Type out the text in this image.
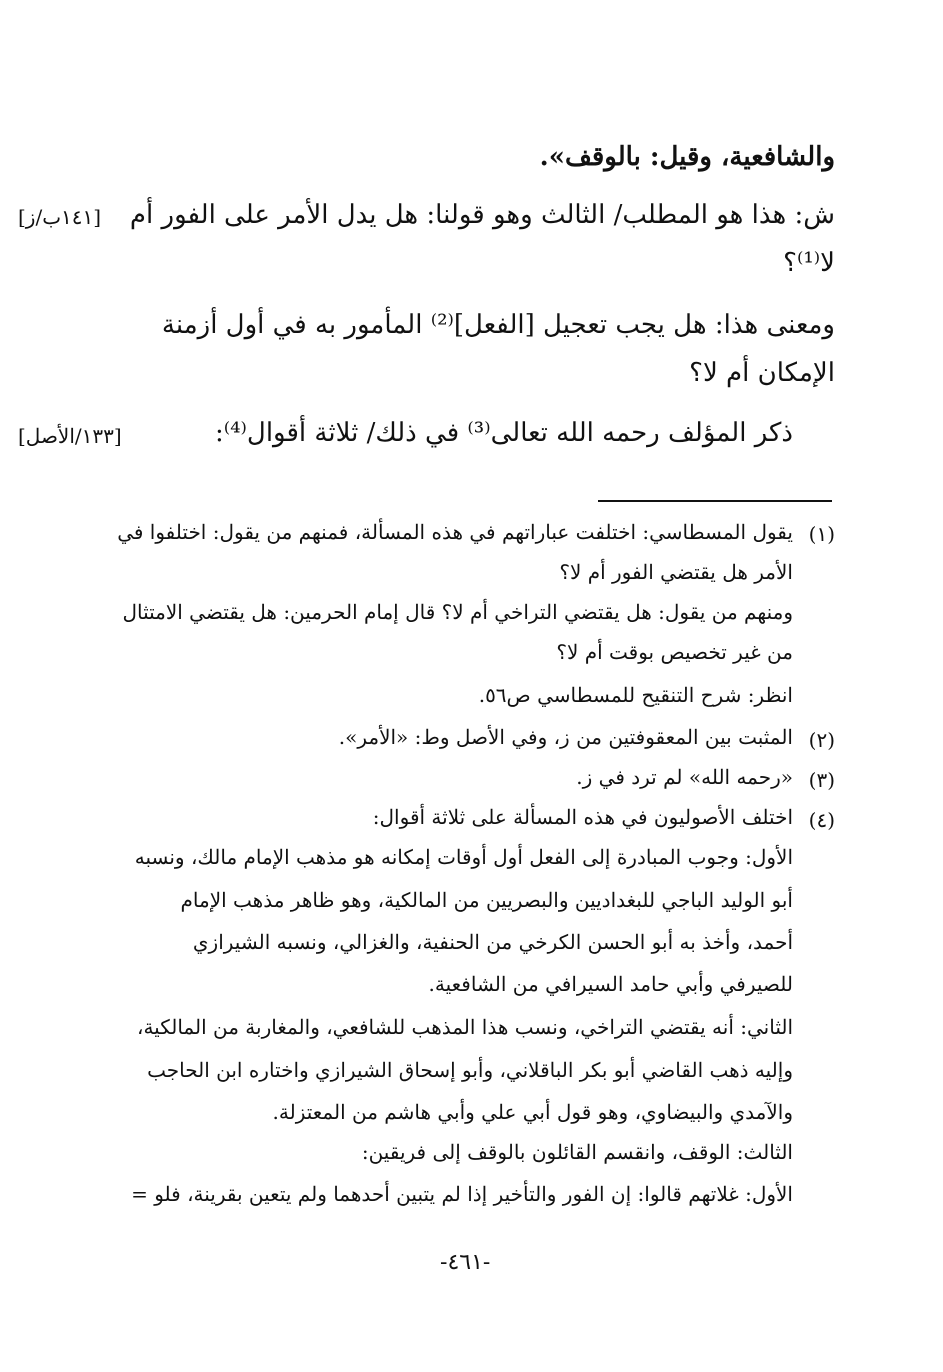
والشافعية، وقيل: بالوقف».
ش: هذا هو المطلب/ الثالث وهو قولنا: هل يدل الأمر على الفور أم
[١٤١ب/ز]
لا⁽¹⁾؟
ومعنى هذا: هل يجب تعجيل [الفعل]⁽²⁾ المأمور به في أول أزمنة
الإمكان أم لا؟
ذكر المؤلف رحمه الله تعالى⁽³⁾ في ذلك/ ثلاثة أقوال⁽⁴⁾:
[١٣٣/الأصل]
(١)
يقول المسطاسي: اختلفت عباراتهم في هذه المسألة، فمنهم من يقول: اختلفوا في
الأمر هل يقتضي الفور أم لا؟
ومنهم من يقول: هل يقتضي التراخي أم لا؟ قال إمام الحرمين: هل يقتضي الامتثال
من غير تخصيص بوقت أم لا؟
انظر: شرح التنقيح للمسطاسي ص٥٦.
(٢)
المثبت بين المعقوفتين من ز، وفي الأصل وط: «الأمر».
(٣)
«رحمه الله» لم ترد في ز.
(٤)
اختلف الأصوليون في هذه المسألة على ثلاثة أقوال:
الأول: وجوب المبادرة إلى الفعل أول أوقات إمكانه هو مذهب الإمام مالك، ونسبه
أبو الوليد الباجي للبغداديين والبصريين من المالكية، وهو ظاهر مذهب الإمام
أحمد، وأخذ به أبو الحسن الكرخي من الحنفية، والغزالي، ونسبه الشيرازي
للصيرفي وأبي حامد السيرافي من الشافعية.
الثاني: أنه يقتضي التراخي، ونسب هذا المذهب للشافعي، والمغاربة من المالكية،
وإليه ذهب القاضي أبو بكر الباقلاني، وأبو إسحاق الشيرازي واختاره ابن الحاجب
والآمدي والبيضاوي، وهو قول أبي علي وأبي هاشم من المعتزلة.
الثالث: الوقف، وانقسم القائلون بالوقف إلى فريقين:
الأول: غلاتهم قالوا: إن الفور والتأخير إذا لم يتبين أحدهما ولم يتعين بقرينة، فلو =
-٤٦١-
